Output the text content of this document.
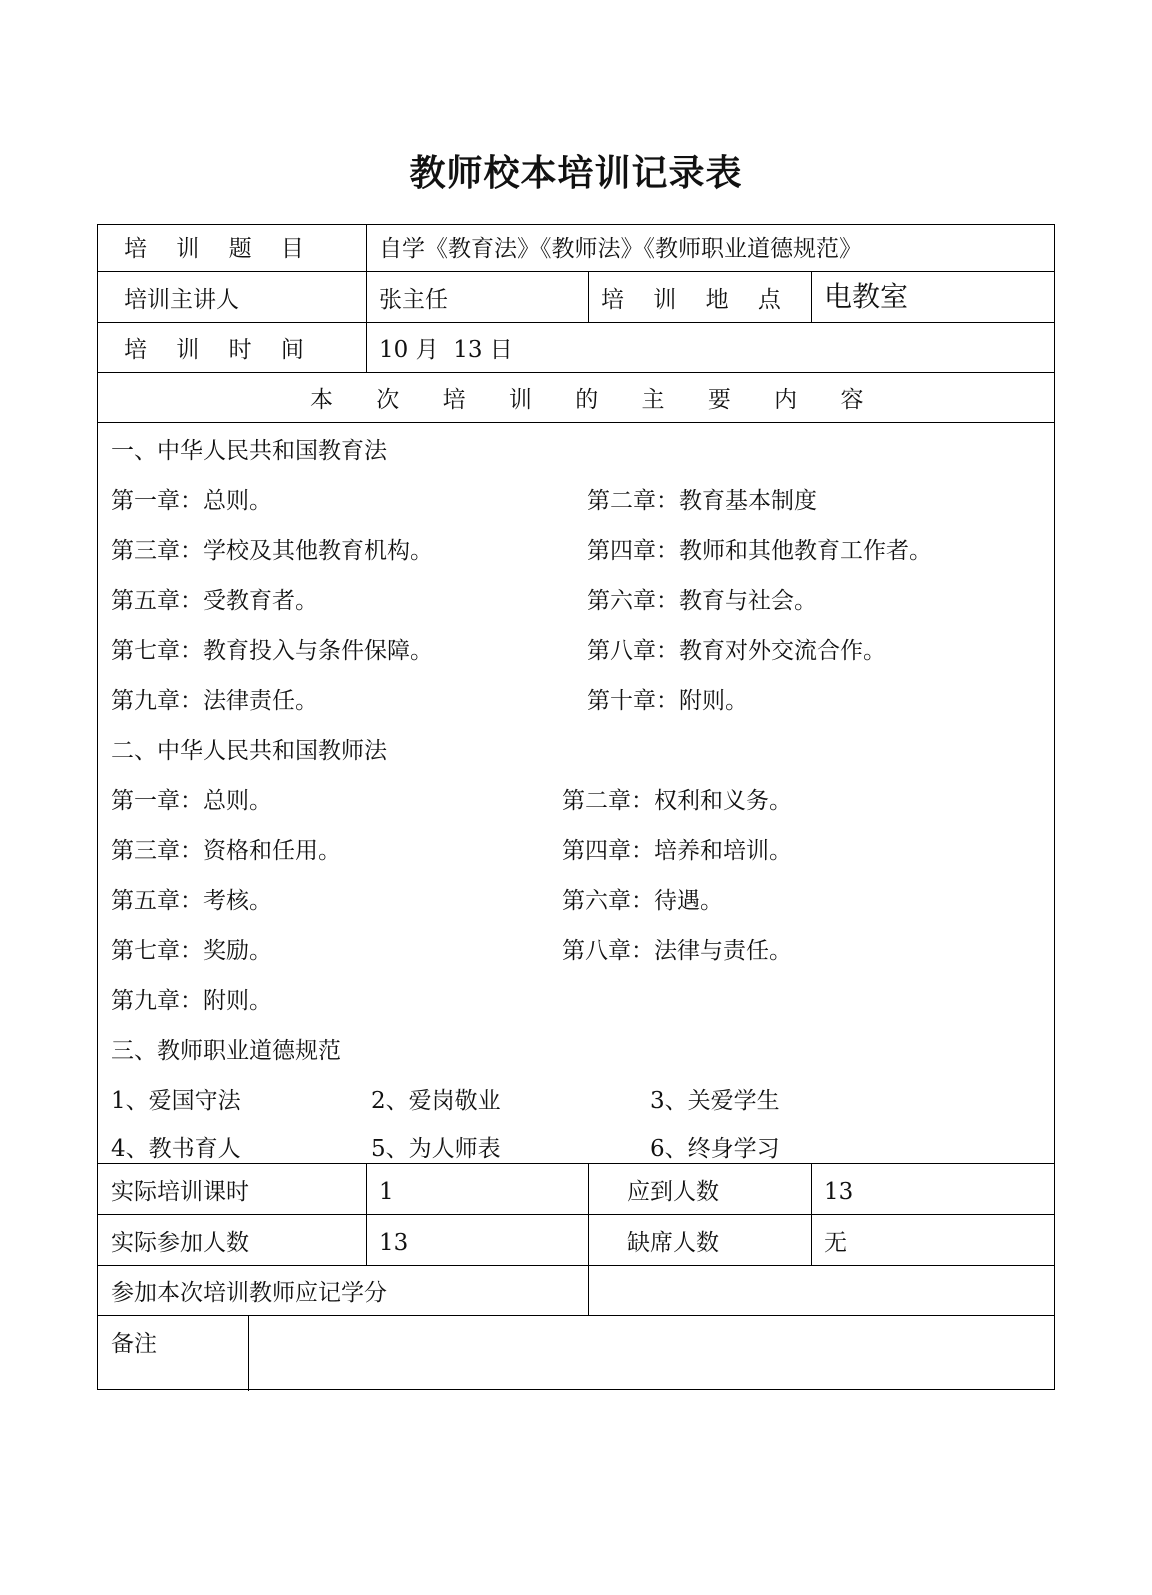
教师校本培训记录表
培 训 题 目	自学《教育法》《教师法》《教师职业道德规范》
培训主讲人	张主任	培 训 地 点 电教室
培 训 时 间	10 月  13 日
本 次 培 训 的 主 要 内 容
一、中华人民共和国教育法
第一章：总则。	第二章：教育基本制度
第三章：学校及其他教育机构。	第四章：教师和其他教育工作者。
第五章：受教育者。	第六章：教育与社会。
第七章：教育投入与条件保障。	第八章：教育对外交流合作。
第九章：法律责任。	第十章：附则。
二、中华人民共和国教师法
第一章：总则。	第二章：权利和义务。
第三章：资格和任用。	第四章：培养和培训。
第五章：考核。	第六章：待遇。
第七章：奖励。	第八章：法律与责任。
第九章：附则。
三、教师职业道德规范
1、爱国守法	2、爱岗敬业	3、关爱学生
4、教书育人	5、为人师表	6、终身学习
实际培训课时	1	应到人数	13
实际参加人数	13	缺席人数	无
参加本次培训教师应记学分
备注
